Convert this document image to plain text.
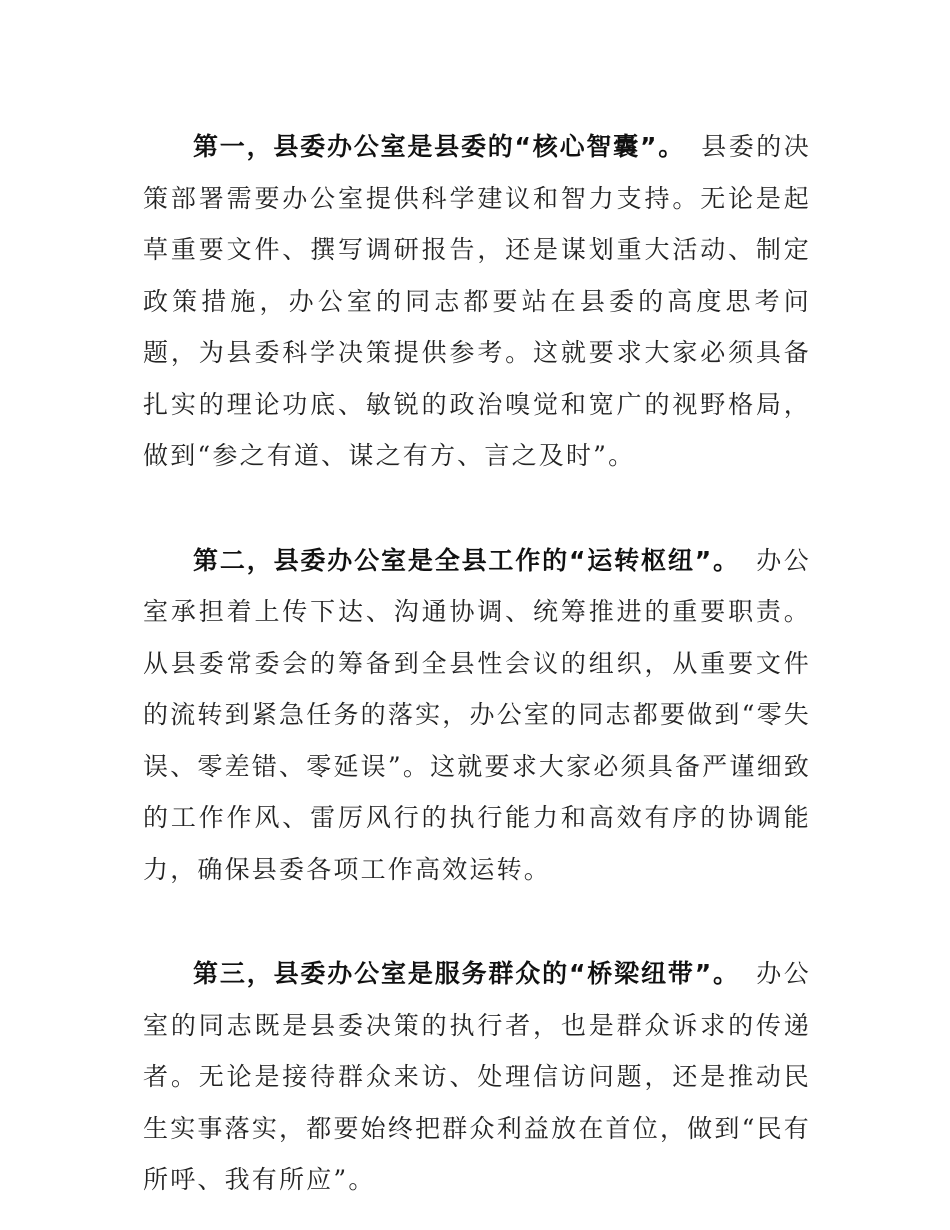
第一，县委办公室是县委的“核心智囊”。 县委的决策部署需要办公室提供科学建议和智力支持。无论是起草重要文件、撰写调研报告，还是谋划重大活动、制定政策措施，办公室的同志都要站在县委的高度思考问题，为县委科学决策提供参考。这就要求大家必须具备扎实的理论功底、敏锐的政治嗅觉和宽广的视野格局，做到“参之有道、谋之有方、言之及时”。

第二，县委办公室是全县工作的“运转枢纽”。 办公室承担着上传下达、沟通协调、统筹推进的重要职责。从县委常委会的筹备到全县性会议的组织，从重要文件的流转到紧急任务的落实，办公室的同志都要做到“零失误、零差错、零延误”。这就要求大家必须具备严谨细致的工作作风、雷厉风行的执行能力和高效有序的协调能力，确保县委各项工作高效运转。

第三，县委办公室是服务群众的“桥梁纽带”。 办公室的同志既是县委决策的执行者，也是群众诉求的传递者。无论是接待群众来访、处理信访问题，还是推动民生实事落实，都要始终把群众利益放在首位，做到“民有所呼、我有所应”。
